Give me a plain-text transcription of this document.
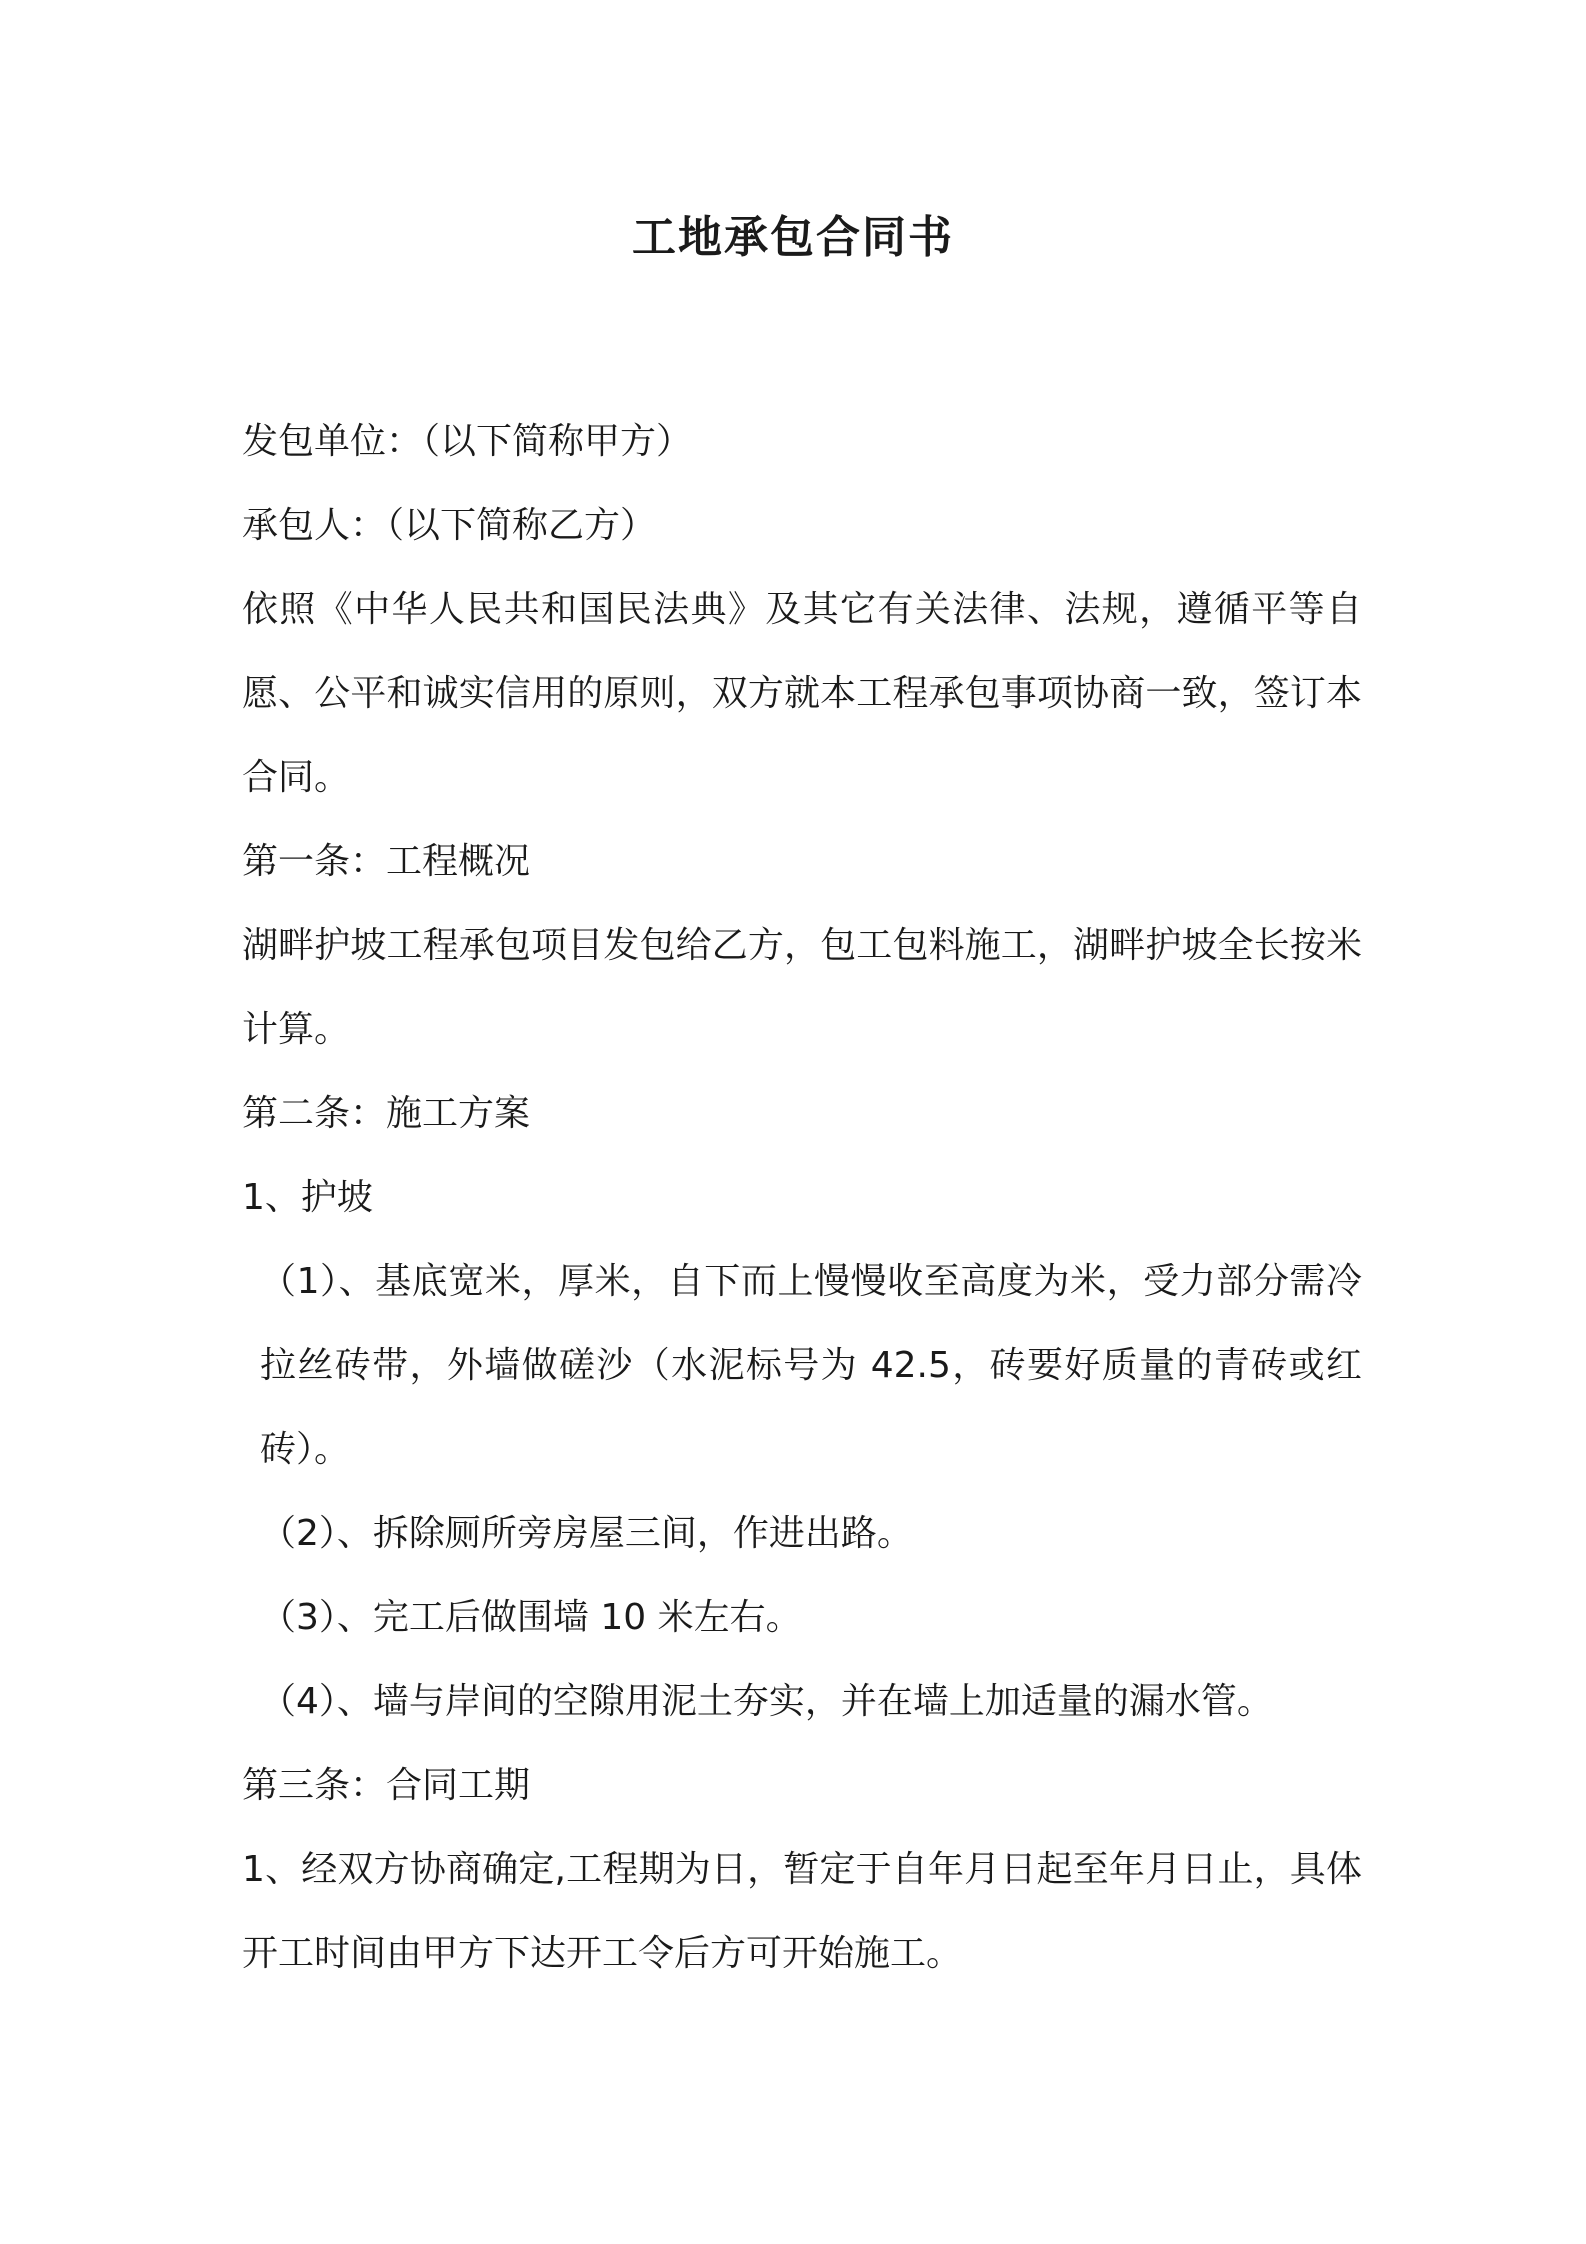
工地承包合同书

发包单位：（以下简称甲方）

承包人：（以下简称乙方）

依照《中华人民共和国民法典》及其它有关法律、法规，遵循平等自愿、公平和诚实信用的原则，双方就本工程承包事项协商一致，签订本合同。

第一条：工程概况

湖畔护坡工程承包项目发包给乙方，包工包料施工，湖畔护坡全长按米计算。

第二条：施工方案

1、护坡

（1）、基底宽米，厚米，自下而上慢慢收至高度为米，受力部分需冷拉丝砖带，外墙做磋沙（水泥标号为 42.5，砖要好质量的青砖或红砖）。

（2）、拆除厕所旁房屋三间，作进出路。

（3）、完工后做围墙 10 米左右。

（4）、墙与岸间的空隙用泥土夯实，并在墙上加适量的漏水管。

第三条：合同工期

1、经双方协商确定,工程期为日，暂定于自年月日起至年月日止，具体开工时间由甲方下达开工令后方可开始施工。
